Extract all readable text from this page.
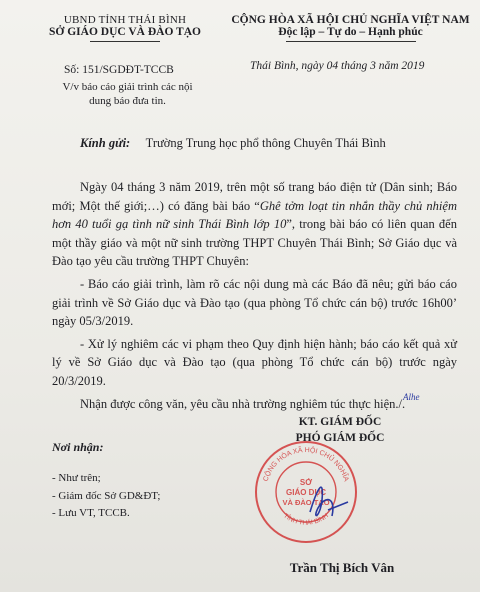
UBND TỈNH THÁI BÌNH
SỞ GIÁO DỤC VÀ ĐÀO TẠO
CỘNG HÒA XÃ HỘI CHỦ NGHĨA VIỆT NAM
Độc lập – Tự do – Hạnh phúc
Số: 151/SGDĐT-TCCB
V/v báo cáo giải trình các nội
dung báo đưa tin.
Thái Bình, ngày 04 tháng 3 năm 2019
Kính gửi: Trường Trung học phổ thông Chuyên Thái Bình

Ngày 04 tháng 3 năm 2019, trên một số trang báo điện tử (Dân sinh; Báo mới; Một thế giới;…) có đăng bài báo “Ghê tởm loạt tin nhắn thầy chủ nhiệm hơn 40 tuổi gạ tình nữ sinh Thái Bình lớp 10”, trong bài báo có liên quan đến một thầy giáo và một nữ sinh trường THPT Chuyên Thái Bình; Sở Giáo dục và Đào tạo yêu cầu trường THPT Chuyên:

- Báo cáo giải trình, làm rõ các nội dung mà các Báo đã nêu; gửi báo cáo giải trình về Sở Giáo dục và Đào tạo (qua phòng Tổ chức cán bộ) trước 16h00’ ngày 05/3/2019.

- Xử lý nghiêm các vi phạm theo Quy định hiện hành; báo cáo kết quả xử lý về Sở Giáo dục và Đào tạo (qua phòng Tổ chức cán bộ) trước ngày 20/3/2019.

Nhận được công văn, yêu cầu nhà trường nghiêm túc thực hiện./.

Alhe
KT. GIÁM ĐỐC
PHÓ GIÁM ĐỐC
CỘNG HÒA XÃ HỘI CHỦ NGHĨA
TỈNH THÁI BÌNH
SỞ
GIÁO DỤC
VÀ ĐÀO TẠO
Trần Thị Bích Vân
Nơi nhận:
- Như trên;
- Giám đốc Sở GD&ĐT;
- Lưu VT, TCCB.
